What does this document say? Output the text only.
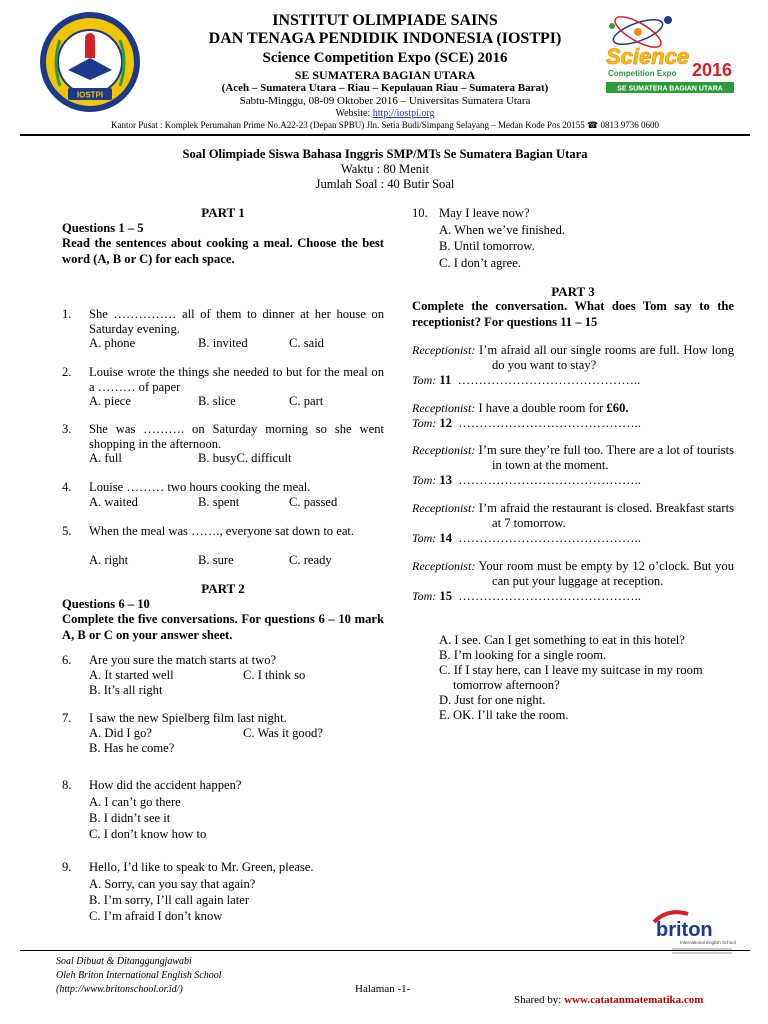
IOSTPI
INSTITUT OLIMPIADE SAINS
DAN TENAGA PENDIDIK INDONESIA (IOSTPI)
Science Competition Expo (SCE) 2016
SE SUMATERA BAGIAN UTARA
(Aceh – Sumatera Utara – Riau – Kepulauan Riau – Sumatera Barat)
Sabtu-Minggu, 08-09 Oktober 2016 – Universitas Sumatera Utara
Website: http://iostpi.org
Kantor Pusat : Komplek Perumahan Prime No.A22-23 (Depan SPBU) Jln. Setia Budi/Simpang Selayang – Medan Kode Pos 20155 ☎ 0813 9736 0600
Science
Competition Expo 2016
SE SUMATERA BAGIAN UTARA
Soal Olimpiade Siswa Bahasa Inggris SMP/MTs Se Sumatera Bagian Utara
Waktu : 80 Menit
Jumlah Soal : 40 Butir Soal
PART 1
Questions 1 – 5
Read the sentences about cooking a meal. Choose the best word (A, B or C) for each space.
1. She …………… all of them to dinner at her house on Saturday evening.
A. phone	B. invited	C. said
2. Louise wrote the things she needed to but for the meal on a ……… of paper
A. piece	B. slice	C. part
3. She was ………. on Saturday morning so she went shopping in the afternoon.
A. full	B. busyC. difficult
4. Louise ……… two hours cooking the meal.
A. waited	B. spent	C. passed
5. When the meal was ……., everyone sat down to eat.
A. right	B. sure	C. ready
PART 2
Questions 6 – 10
Complete the five conversations. For questions 6 – 10 mark A, B or C on your answer sheet.
6. Are you sure the match starts at two?
A. It started well	C. I think so
B. It’s all right
7. I saw the new Spielberg film last night.
A. Did I go?	C. Was it good?
B. Has he come?
8. How did the accident happen?
A. I can’t go there
B. I didn’t see it
C. I don’t know how to
9. Hello, I’d like to speak to Mr. Green, please.
A. Sorry, can you say that again?
B. I’m sorry, I’ll call again later
C. I’m afraid I don’t know
10. May I leave now?
A. When we’ve finished.
B. Until tomorrow.
C. I don’t agree.
PART 3
Complete the conversation. What does Tom say to the receptionist? For questions 11 – 15
Receptionist: I’m afraid all our single rooms are full. How long do you want to stay?
Tom: 11 ……………………………………..
Receptionist: I have a double room for £60.
Tom: 12 ……………………………………..
Receptionist: I’m sure they’re full too. There are a lot of tourists in town at the moment.
Tom: 13 ……………………………………..
Receptionist: I’m afraid the restaurant is closed. Breakfast starts at 7 tomorrow.
Tom: 14 ……………………………………..
Receptionist: Your room must be empty by 12 o’clock. But you can put your luggage at reception.
Tom: 15 ……………………………………..
A. I see. Can I get something to eat in this hotel?
B. I’m looking for a single room.
C. If I stay here, can I leave my suitcase in my room tomorrow afternoon?
D. Just for one night.
E. OK. I’ll take the room.
briton
International English School
Soal Dibuat & Ditanggungjawabi
Oleh Briton International English School
(http://www.britonschool.or.id/)	Halaman -1-
Shared by: www.catatanmatematika.com
